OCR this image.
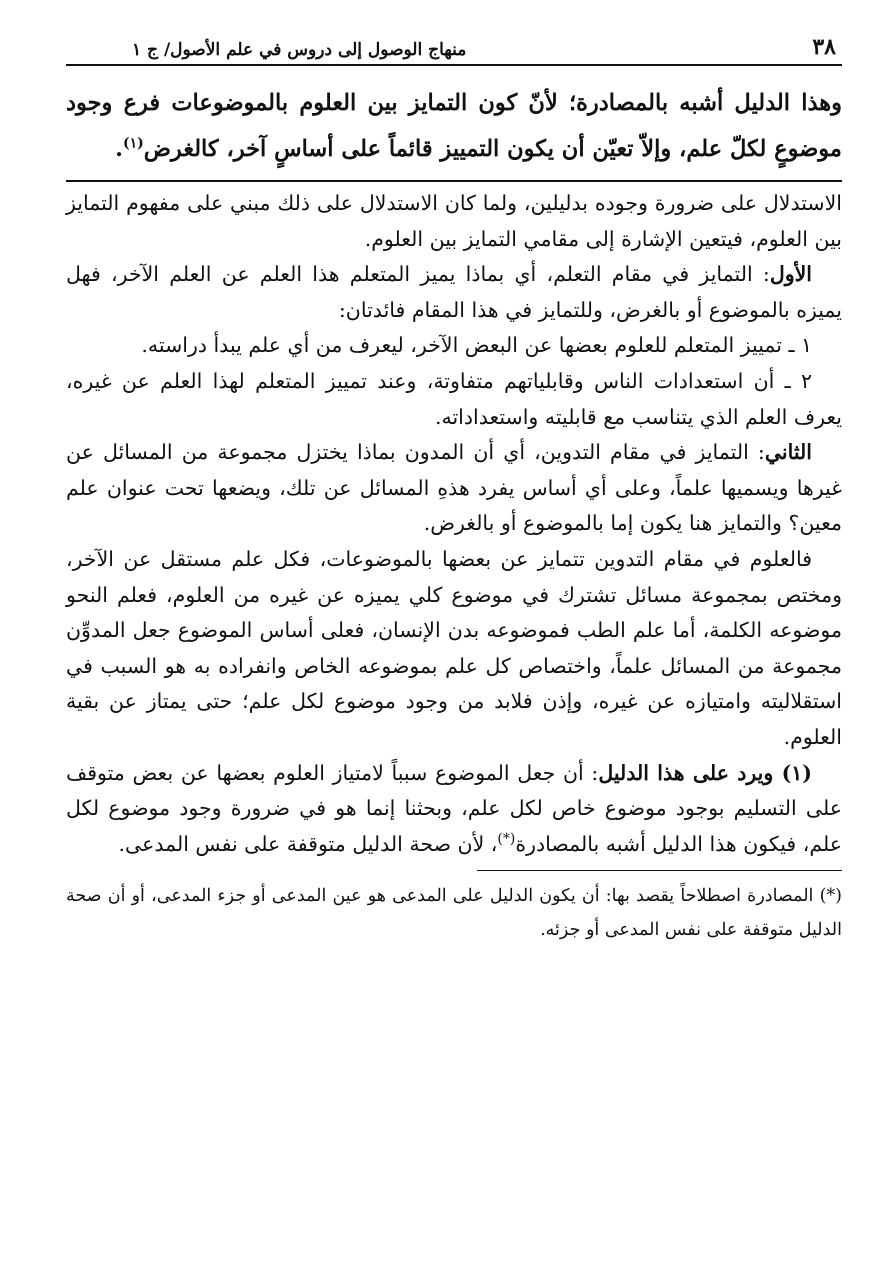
٣٨
منهاج الوصول إلى دروس في علم الأصول/ ج ١

وهذا الدليل أشبه بالمصادرة؛ لأنّ كون التمايز بين العلوم بالموضوعات فرع وجود موضوعٍ لكلّ علم، وإلاّ تعيّن أن يكون التمييز قائماً على أساسٍ آخر، كالغرض$^{(١)}$.

الاستدلال على ضرورة وجوده بدليلين، ولما كان الاستدلال على ذلك مبني على مفهوم التمايز بين العلوم، فيتعين الإشارة إلى مقامي التمايز بين العلوم.

الأول: التمايز في مقام التعلم، أي بماذا يميز المتعلم هذا العلم عن العلم الآخر، فهل يميزه بالموضوع أو بالغرض، وللتمايز في هذا المقام فائدتان:

١ ـ تمييز المتعلم للعلوم بعضها عن البعض الآخر، ليعرف من أي علم يبدأ دراسته.

٢ ـ أن استعدادات الناس وقابلياتهم متفاوتة، وعند تمييز المتعلم لهذا العلم عن غيره، يعرف العلم الذي يتناسب مع قابليته واستعداداته.

الثاني: التمايز في مقام التدوين، أي أن المدون بماذا يختزل مجموعة من المسائل عن غيرها ويسميها علماً، وعلى أي أساس يفرد هذهِ المسائل عن تلك، ويضعها تحت عنوان علم معين؟ والتمايز هنا يكون إما بالموضوع أو بالغرض.

فالعلوم في مقام التدوين تتمايز عن بعضها بالموضوعات، فكل علم مستقل عن الآخر، ومختص بمجموعة مسائل تشترك في موضوع كلي يميزه عن غيره من العلوم، فعلم النحو موضوعه الكلمة، أما علم الطب فموضوعه بدن الإنسان، فعلى أساس الموضوع جعل المدوِّن مجموعة من المسائل علماً، واختصاص كل علم بموضوعه الخاص وانفراده به هو السبب في استقلاليته وامتيازه عن غيره، وإذن فلابد من وجود موضوع لكل علم؛ حتى يمتاز عن بقية العلوم.

(١) ويرد على هذا الدليل: أن جعل الموضوع سبباً لامتياز العلوم بعضها عن بعض متوقف على التسليم بوجود موضوع خاص لكل علم، وبحثنا إنما هو في ضرورة وجود موضوع لكل علم، فيكون هذا الدليل أشبه بالمصادرة(*)، لأن صحة الدليل متوقفة على نفس المدعى.

(*) المصادرة اصطلاحاً يقصد بها: أن يكون الدليل على المدعى هو عين المدعى أو جزء المدعى، أو أن صحة الدليل متوقفة على نفس المدعى أو جزئه.
